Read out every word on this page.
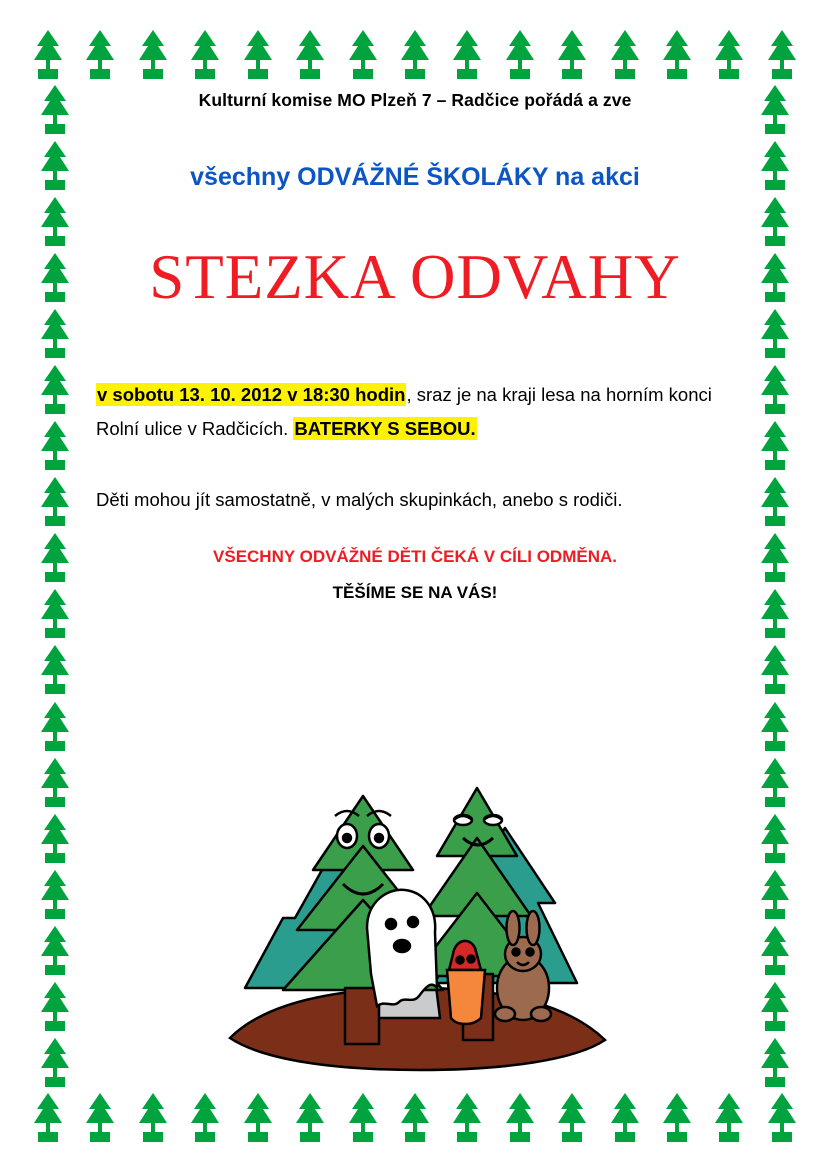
Kulturní komise MO Plzeň 7 – Radčice pořádá a zve
všechny ODVÁŽNÉ ŠKOLÁKY na akci
STEZKA ODVAHY
v sobotu 13. 10. 2012 v 18:30 hodin, sraz je na kraji lesa na horním konci Rolní ulice v Radčicích. BATERKY S SEBOU.
Děti mohou jít samostatně, v malých skupinkách, anebo s rodiči.
VŠECHNY ODVÁŽNÉ DĚTI ČEKÁ V CÍLI ODMĚNA.
TĚŠÍME SE NA VÁS!
